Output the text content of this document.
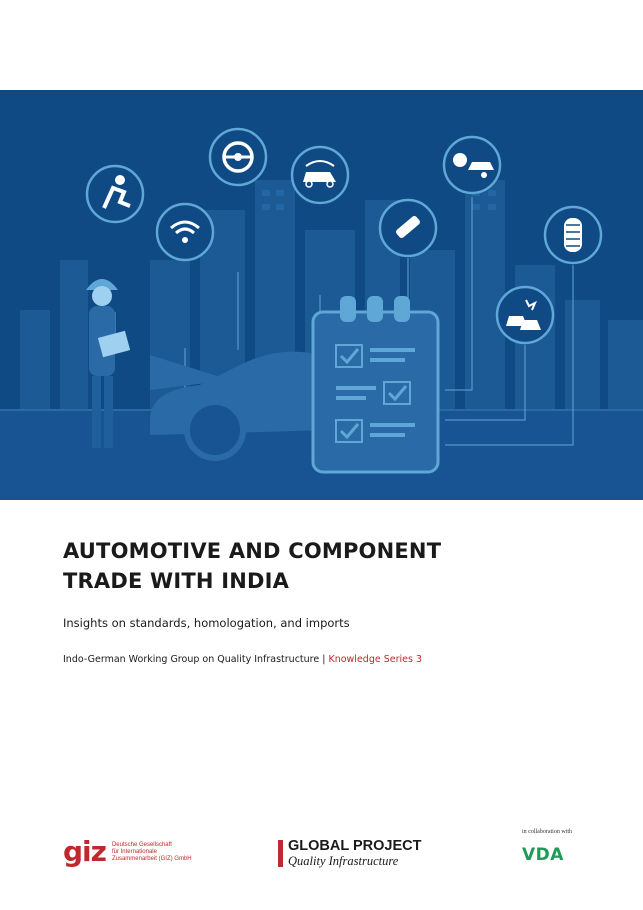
AUTOMOTIVE AND COMPONENT
TRADE WITH INDIA

Insights on standards, homologation, and imports

Indo-German Working Group on Quality Infrastructure | Knowledge Series 3

giz Deutsche Gesellschaft
für Internationale
Zusammenarbeit (GIZ) GmbH
GLOBAL PROJECT
Quality Infrastructure
in collaboration with
VDA
